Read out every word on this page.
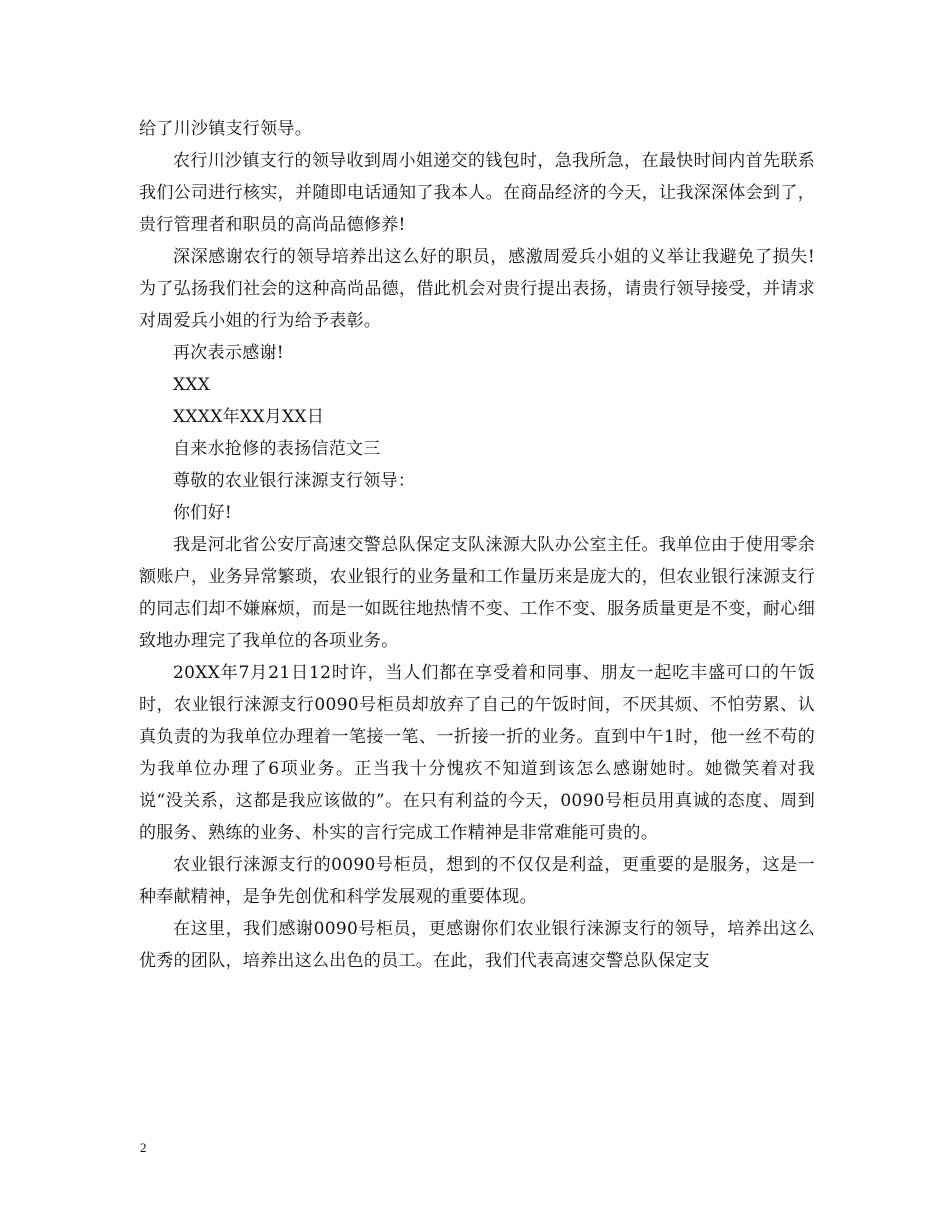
给了川沙镇支行领导。

农行川沙镇支行的领导收到周小姐递交的钱包时，急我所急，在最快时间内首先联系我们公司进行核实，并随即电话通知了我本人。在商品经济的今天，让我深深体会到了，贵行管理者和职员的高尚品德修养!

深深感谢农行的领导培养出这么好的职员，感激周爱兵小姐的义举让我避免了损失!为了弘扬我们社会的这种高尚品德，借此机会对贵行提出表扬，请贵行领导接受，并请求对周爱兵小姐的行为给予表彰。

再次表示感谢!

XXX

XXXX年XX月XX日

自来水抢修的表扬信范文三

尊敬的农业银行涞源支行领导：

你们好!

我是河北省公安厅高速交警总队保定支队涞源大队办公室主任。我单位由于使用零余额账户，业务异常繁琐，农业银行的业务量和工作量历来是庞大的，但农业银行涞源支行的同志们却不嫌麻烦，而是一如既往地热情不变、工作不变、服务质量更是不变，耐心细致地办理完了我单位的各项业务。

20XX年7月21日12时许，当人们都在享受着和同事、朋友一起吃丰盛可口的午饭时，农业银行涞源支行0090号柜员却放弃了自己的午饭时间，不厌其烦、不怕劳累、认真负责的为我单位办理着一笔接一笔、一折接一折的业务。直到中午1时，他一丝不苟的为我单位办理了6项业务。正当我十分愧疚不知道到该怎么感谢她时。她微笑着对我说“没关系，这都是我应该做的”。在只有利益的今天，0090号柜员用真诚的态度、周到的服务、熟练的业务、朴实的言行完成工作精神是非常难能可贵的。

农业银行涞源支行的0090号柜员，想到的不仅仅是利益，更重要的是服务，这是一种奉献精神，是争先创优和科学发展观的重要体现。

在这里，我们感谢0090号柜员，更感谢你们农业银行涞源支行的领导，培养出这么优秀的团队，培养出这么出色的员工。在此，我们代表高速交警总队保定支

2
